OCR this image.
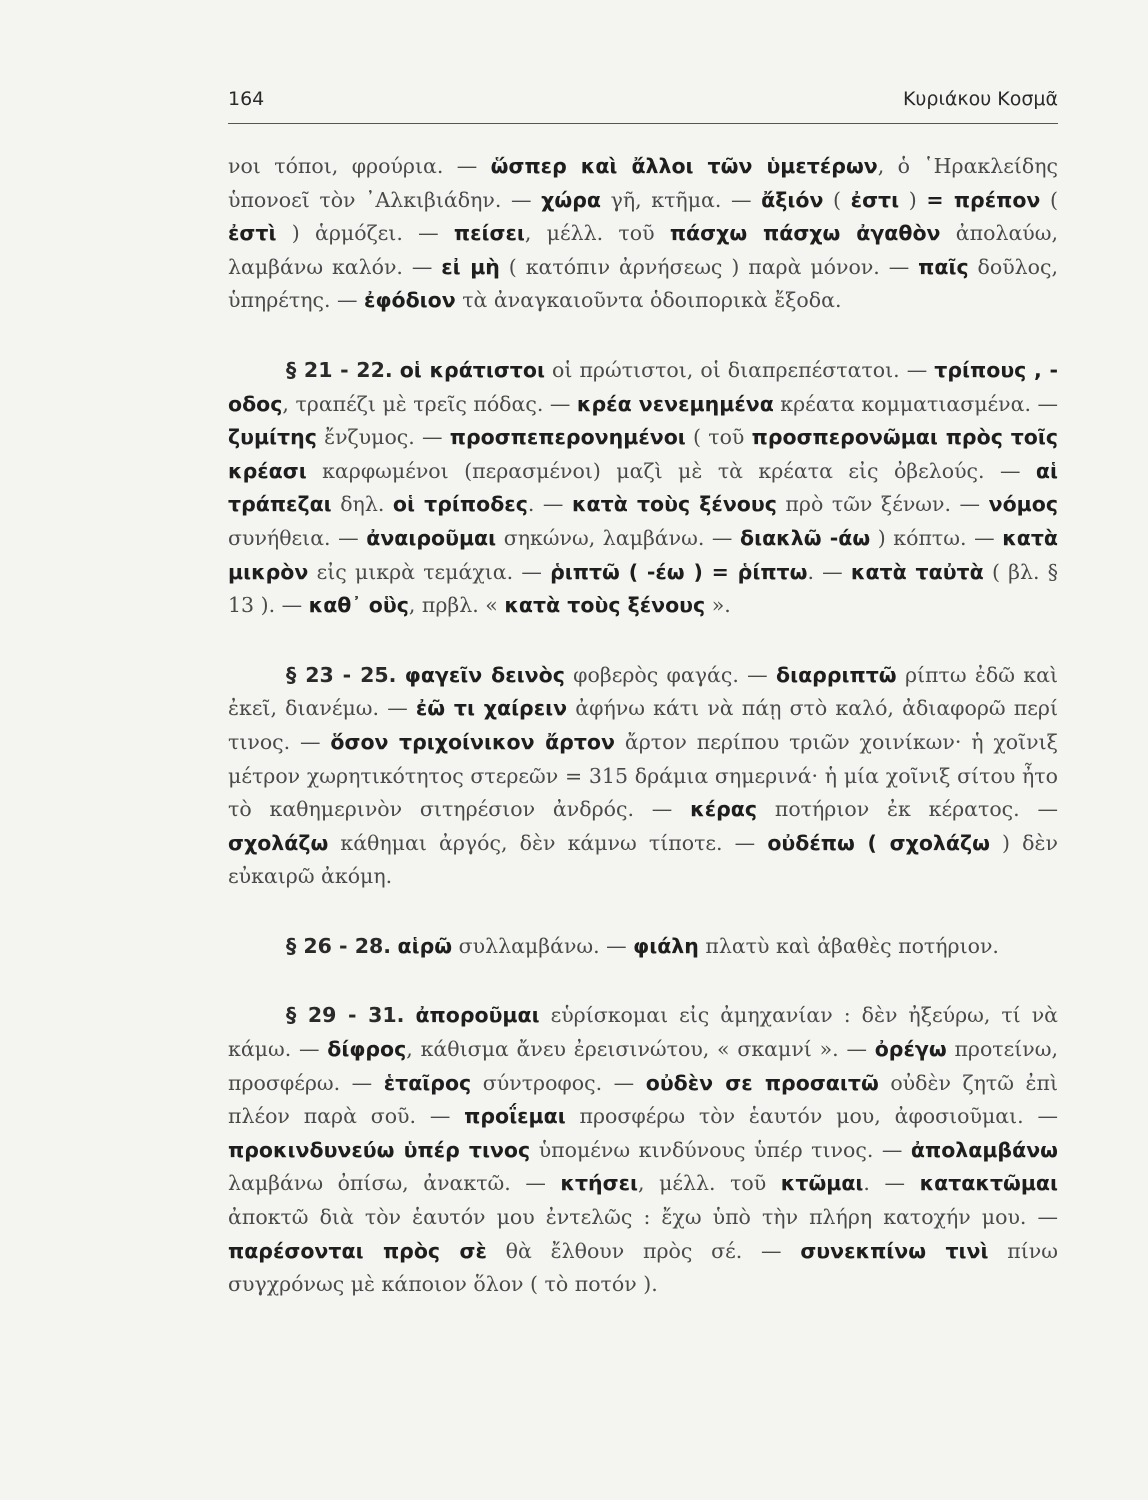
164	Κυριάκου Κοσμᾶ

νοι τόποι, φρούρια. — ὥσπερ καὶ ἄλλοι τῶν ὑμετέρων, ὁ ῾Ηρακλείδης ὑπονοεῖ τὸν ᾿Αλκιβιάδην. — χώρα γῆ, κτῆμα. — ἄξιόν ( ἐστι ) = πρέπον ( ἐστὶ ) ἁρμόζει. — πείσει, μέλλ. τοῦ πάσχω πάσχω ἀγαθὸν ἀπολαύω, λαμβάνω καλόν. — εἰ μὴ ( κατόπιν ἀρνήσεως ) παρὰ μόνον. — παῖς δοῦλος, ὑπηρέτης. — ἐφόδιον τὰ ἀναγκαιοῦντα ὁδοιπορικὰ ἔξοδα.

§ 21 - 22. οἱ κράτιστοι οἱ πρώτιστοι, οἱ διαπρεπέστατοι. — τρίπους , - οδος, τραπέζι μὲ τρεῖς πόδας. — κρέα νενεμημένα κρέατα κομματιασμένα. — ζυμίτης ἔνζυμος. — προσπεπερονημένοι ( τοῦ προσπερονῶμαι πρὸς τοῖς κρέασι καρφωμένοι (περασμένοι) μαζὶ μὲ τὰ κρέατα εἰς ὀβελούς. — αἱ τράπεζαι δηλ. οἱ τρίποδες. — κατὰ τοὺς ξένους πρὸ τῶν ξένων. — νόμος συνήθεια. — ἀναιροῦμαι σηκώνω, λαμβάνω. — διακλῶ -άω ) κόπτω. — κατὰ μικρὸν εἰς μικρὰ τεμάχια. — ῥιπτῶ ( -έω ) = ῥίπτω. — κατὰ ταὐτὰ ( βλ. § 13 ). — καθ᾽ οὓς, πρβλ. « κατὰ τοὺς ξένους ».

§ 23 - 25. φαγεῖν δεινὸς φοβερὸς φαγάς. — διαρριπτῶ ρίπτω ἐδῶ καὶ ἐκεῖ, διανέμω. — ἐῶ τι χαίρειν ἀφήνω κάτι νὰ πάῃ στὸ καλό, ἀδιαφορῶ περί τινος. — ὅσον τριχοίνικον ἄρτον ἄρτον περίπου τριῶν χοινίκων· ἡ χοῖνιξ μέτρον χωρητικότητος στερεῶν = 315 δράμια σημερινά· ἡ μία χοῖνιξ σίτου ἦτο τὸ καθημερινὸν σιτηρέσιον ἀνδρός. — κέρας ποτήριον ἐκ κέρατος. — σχολάζω κάθημαι ἀργός, δὲν κάμνω τίποτε. — οὐδέπω ( σχολάζω ) δὲν εὐκαιρῶ ἀκόμη.

§ 26 - 28. αἱρῶ συλλαμβάνω. — φιάλη πλατὺ καὶ ἀβαθὲς ποτήριον.

§ 29 - 31. ἀποροῦμαι εὑρίσκομαι εἰς ἀμηχανίαν : δὲν ἠξεύρω, τί νὰ κάμω. — δίφρος, κάθισμα ἄνευ ἐρεισινώτου, « σκαμνί ». — ὀρέγω προτείνω, προσφέρω. — ἑταῖρος σύντροφος. — οὐδὲν σε προσαιτῶ οὐδὲν ζητῶ ἐπὶ πλέον παρὰ σοῦ. — προΐεμαι προσφέρω τὸν ἑαυτόν μου, ἀφοσιοῦμαι. — προκινδυνεύω ὑπέρ τινος ὑπομένω κινδύνους ὑπέρ τινος. — ἀπολαμβάνω λαμβάνω ὀπίσω, ἀνακτῶ. — κτήσει, μέλλ. τοῦ κτῶμαι. — κατακτῶμαι ἀποκτῶ διὰ τὸν ἑαυτόν μου ἐντελῶς : ἔχω ὑπὸ τὴν πλήρη κατοχήν μου. — παρέσονται πρὸς σὲ θὰ ἔλθουν πρὸς σέ. — συνεκπίνω τινὶ πίνω συγχρόνως μὲ κάποιον ὅλον ( τὸ ποτόν ).
